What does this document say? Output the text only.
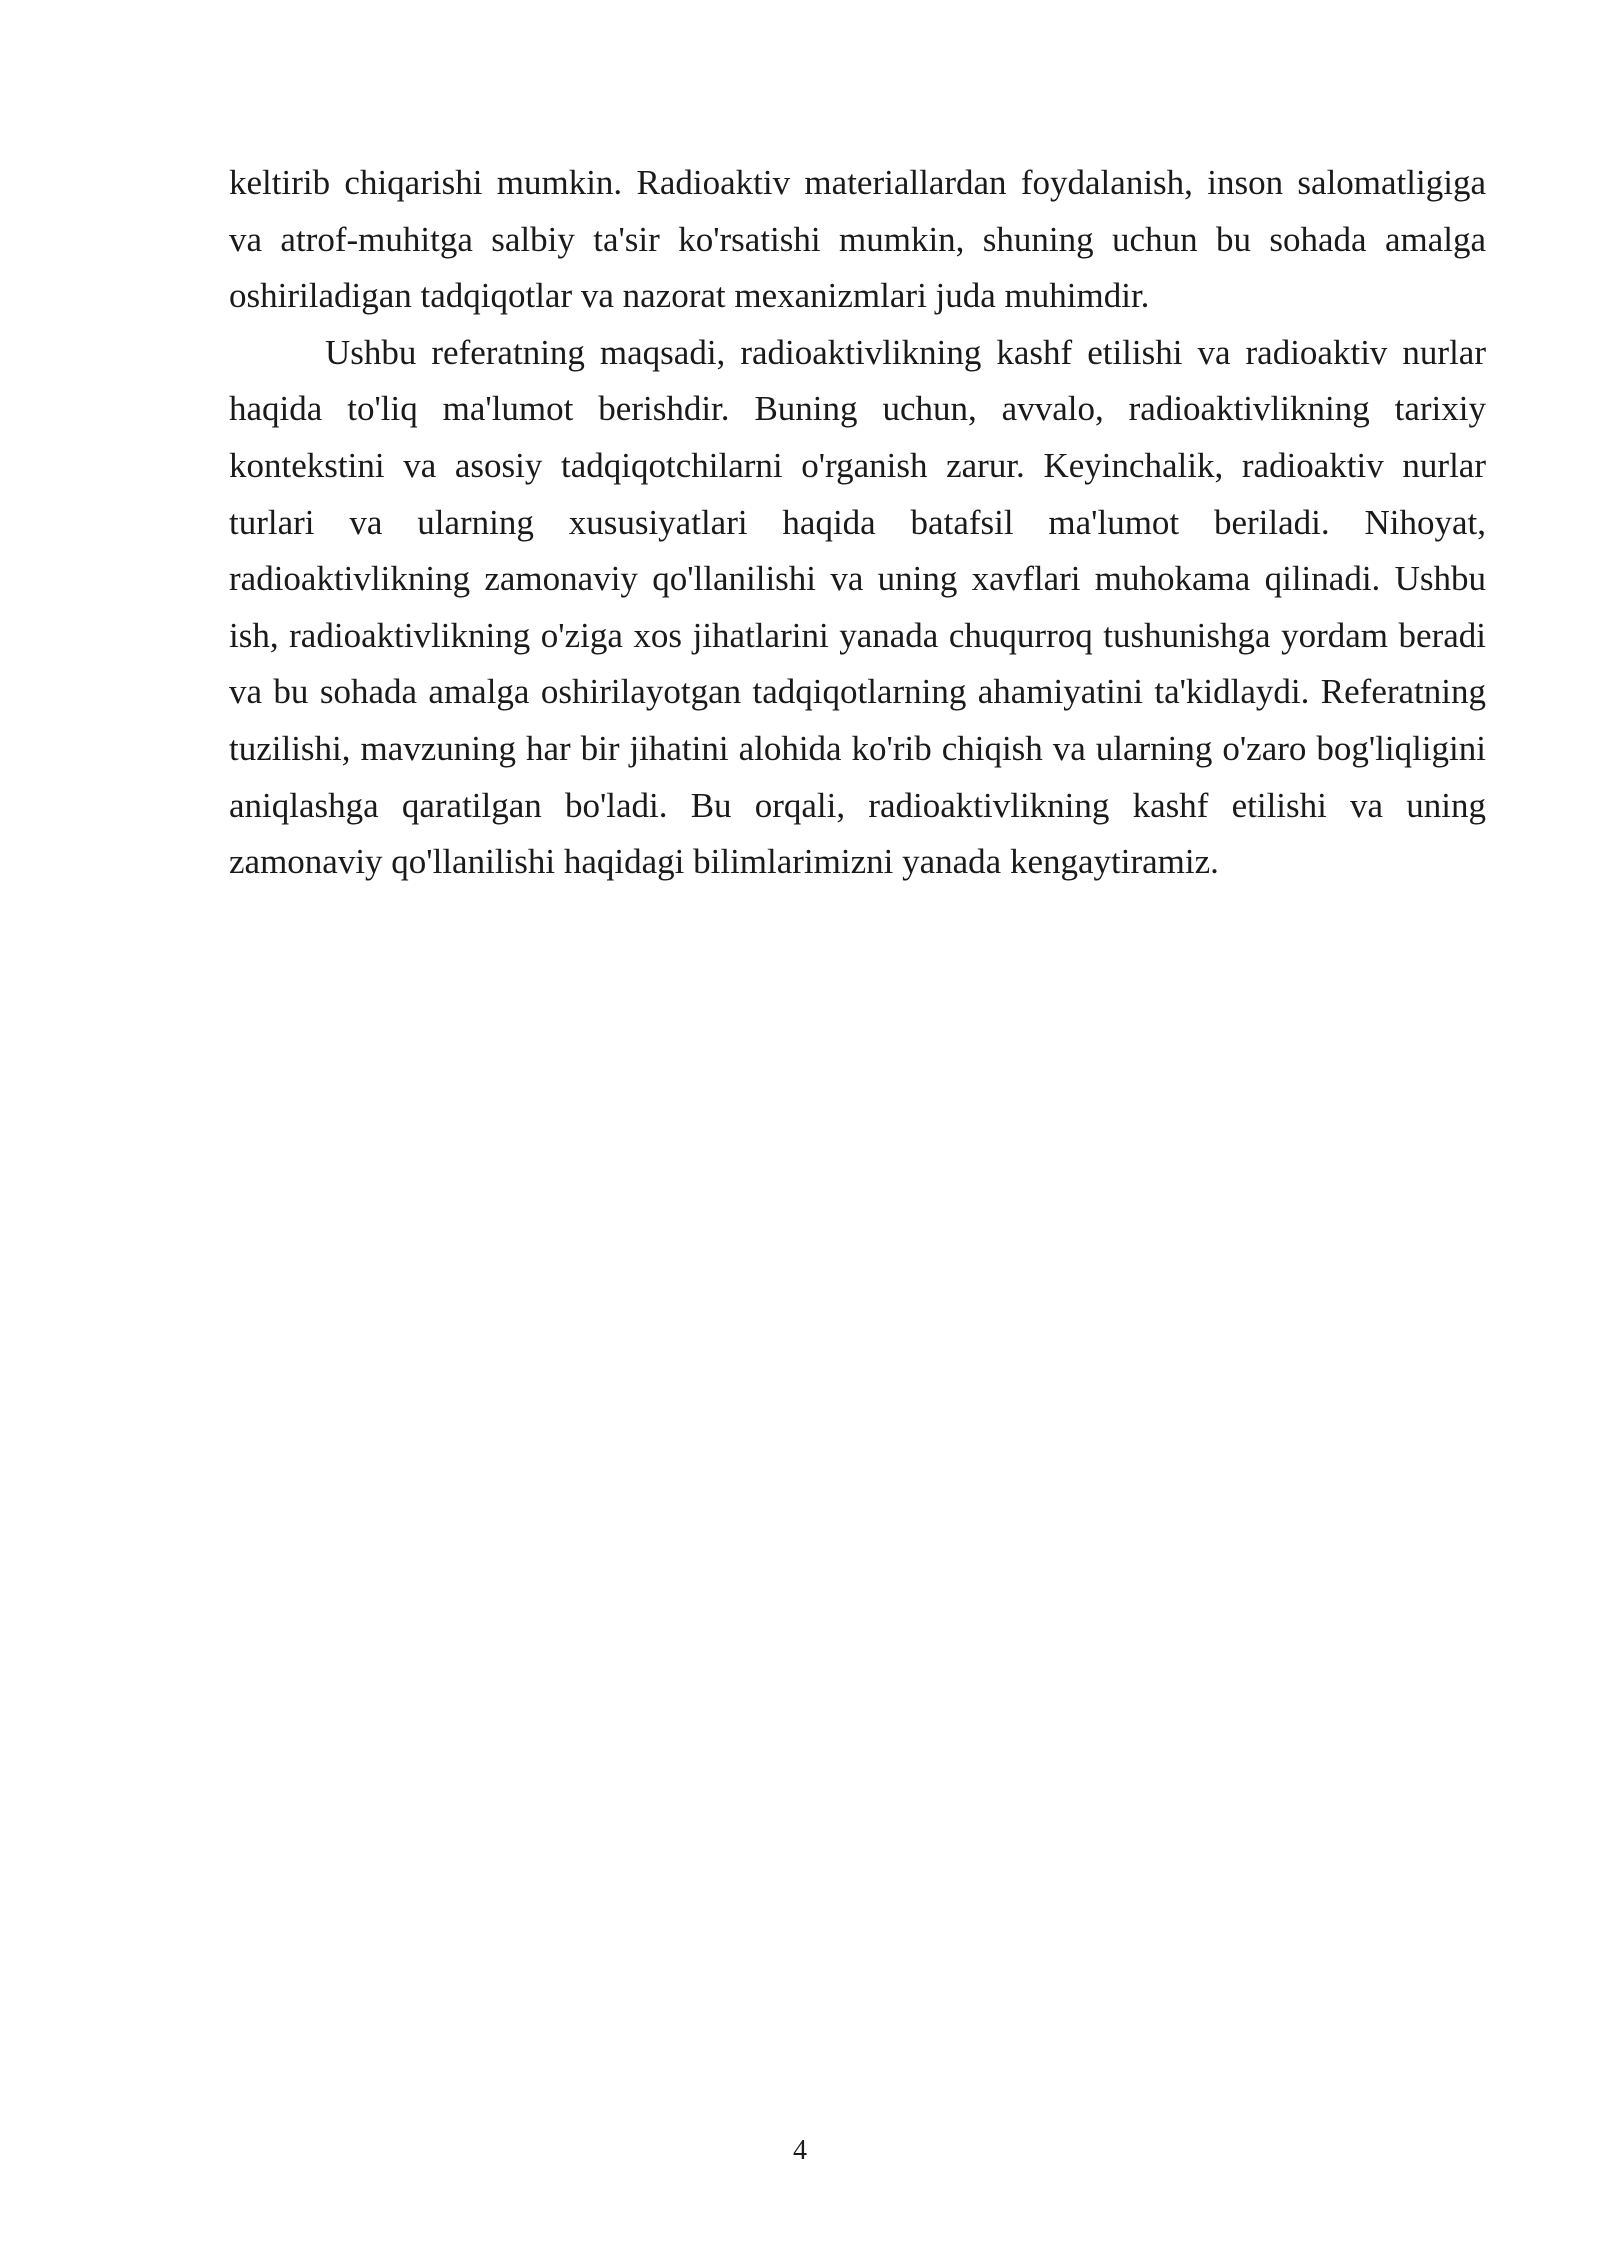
keltirib chiqarishi mumkin. Radioaktiv materiallardan foydalanish, inson salomatligiga va atrof-muhitga salbiy ta'sir ko'rsatishi mumkin, shuning uchun bu sohada amalga oshiriladigan tadqiqotlar va nazorat mexanizmlari juda muhimdir.

Ushbu referatning maqsadi, radioaktivlikning kashf etilishi va radioaktiv nurlar haqida to'liq ma'lumot berishdir. Buning uchun, avvalo, radioaktivlikning tarixiy kontekstini va asosiy tadqiqotchilarni o'rganish zarur. Keyinchalik, radioaktiv nurlar turlari va ularning xususiyatlari haqida batafsil ma'lumot beriladi. Nihoyat, radioaktivlikning zamonaviy qo'llanilishi va uning xavflari muhokama qilinadi. Ushbu ish, radioaktivlikning o'ziga xos jihatlarini yanada chuqurroq tushunishga yordam beradi va bu sohada amalga oshirilayotgan tadqiqotlarning ahamiyatini ta'kidlaydi. Referatning tuzilishi, mavzuning har bir jihatini alohida ko'rib chiqish va ularning o'zaro bog'liqligini aniqlashga qaratilgan bo'ladi. Bu orqali, radioaktivlikning kashf etilishi va uning zamonaviy qo'llanilishi haqidagi bilimlarimizni yanada kengaytiramiz.

4
